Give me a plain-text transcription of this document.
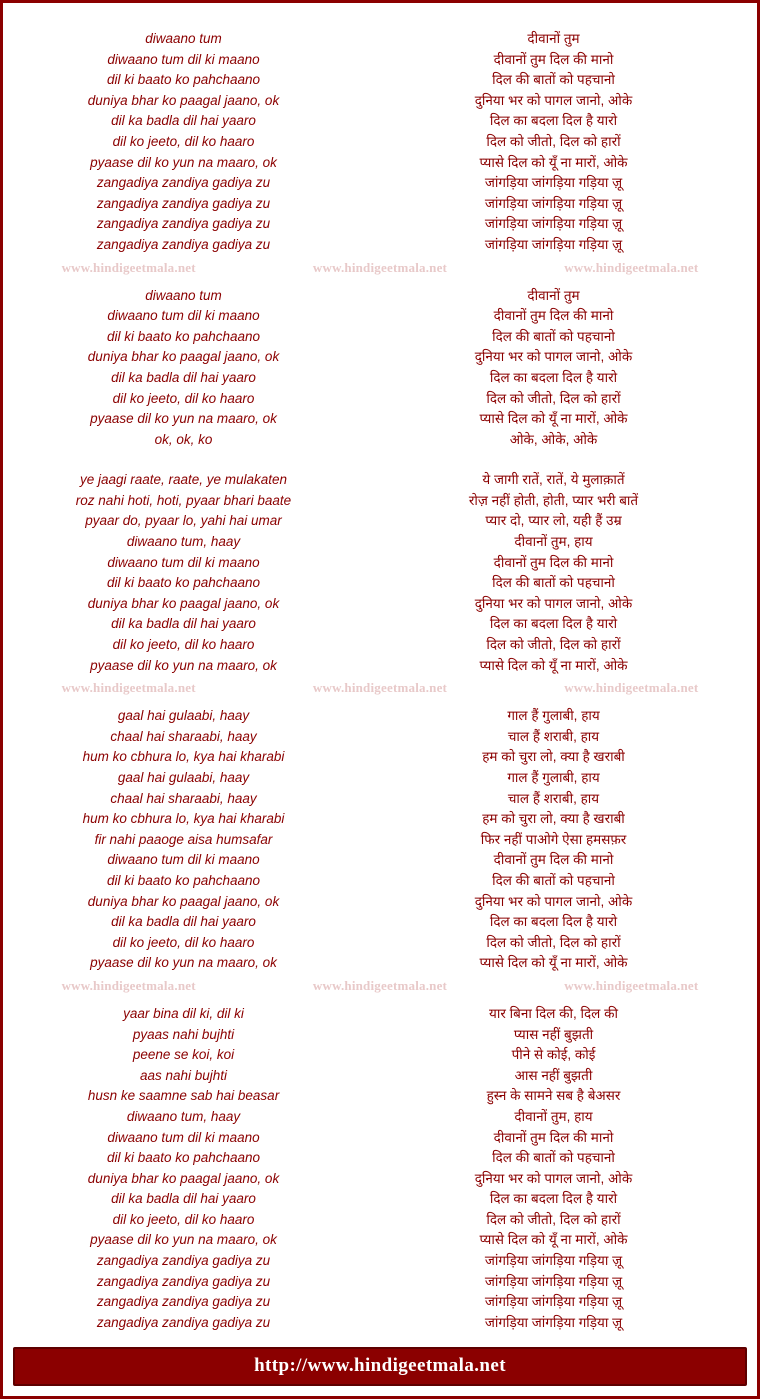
diwaano tum	दीवानों तुम
diwaano tum dil ki maano	दीवानों तुम दिल की मानो
dil ki baato ko pahchaano	दिल की बातों को पहचानो
duniya bhar ko paagal jaano, ok	दुनिया भर को पागल जानो, ओके
dil ka badla dil hai yaaro	दिल का बदला दिल है यारो
dil ko jeeto, dil ko haaro	दिल को जीतो, दिल को हारों
pyaase dil ko yun na maaro, ok	प्यासे दिल को यूँ ना मारों, ओके
zangadiya zandiya gadiya zu	जांगड़िया जांगड़िया गड़िया ज़ू
zangadiya zandiya gadiya zu	जांगड़िया जांगड़िया गड़िया ज़ू
zangadiya zandiya gadiya zu	जांगड़िया जांगड़िया गड़िया ज़ू
zangadiya zandiya gadiya zu	जांगड़िया जांगड़िया गड़िया ज़ू
www.hindigeetmala.net	www.hindigeetmala.net	www.hindigeetmala.net
diwaano tum	दीवानों तुम
diwaano tum dil ki maano	दीवानों तुम दिल की मानो
dil ki baato ko pahchaano	दिल की बातों को पहचानो
duniya bhar ko paagal jaano, ok	दुनिया भर को पागल जानो, ओके
dil ka badla dil hai yaaro	दिल का बदला दिल है यारो
dil ko jeeto, dil ko haaro	दिल को जीतो, दिल को हारों
pyaase dil ko yun na maaro, ok	प्यासे दिल को यूँ ना मारों, ओके
ok, ok, ko	ओके, ओके, ओके
ye jaagi raate, raate, ye mulakaten	ये जागी रातें, रातें, ये मुलाक़ातें
roz nahi hoti, hoti, pyaar bhari baate	रोज़ नहीं होती, होती, प्यार भरी बातें
pyaar do, pyaar lo, yahi hai umar	प्यार दो, प्यार लो, यही हैं उम्र
diwaano tum, haay	दीवानों तुम, हाय
diwaano tum dil ki maano	दीवानों तुम दिल की मानो
dil ki baato ko pahchaano	दिल की बातों को पहचानो
duniya bhar ko paagal jaano, ok	दुनिया भर को पागल जानो, ओके
dil ka badla dil hai yaaro	दिल का बदला दिल है यारो
dil ko jeeto, dil ko haaro	दिल को जीतो, दिल को हारों
pyaase dil ko yun na maaro, ok	प्यासे दिल को यूँ ना मारों, ओके
www.hindigeetmala.net	www.hindigeetmala.net	www.hindigeetmala.net
gaal hai gulaabi, haay	गाल हैं गुलाबी, हाय
chaal hai sharaabi, haay	चाल हैं शराबी, हाय
hum ko cbhura lo, kya hai kharabi	हम को चुरा लो, क्या है खराबी
gaal hai gulaabi, haay	गाल हैं गुलाबी, हाय
chaal hai sharaabi, haay	चाल हैं शराबी, हाय
hum ko cbhura lo, kya hai kharabi	हम को चुरा लो, क्या है खराबी
fir nahi paaoge aisa humsafar	फिर नहीं पाओगे ऐसा हमसफ़र
diwaano tum dil ki maano	दीवानों तुम दिल की मानो
dil ki baato ko pahchaano	दिल की बातों को पहचानो
duniya bhar ko paagal jaano, ok	दुनिया भर को पागल जानो, ओके
dil ka badla dil hai yaaro	दिल का बदला दिल है यारो
dil ko jeeto, dil ko haaro	दिल को जीतो, दिल को हारों
pyaase dil ko yun na maaro, ok	प्यासे दिल को यूँ ना मारों, ओके
www.hindigeetmala.net	www.hindigeetmala.net	www.hindigeetmala.net
yaar bina dil ki, dil ki	यार बिना दिल की, दिल की
pyaas nahi bujhti	प्यास नहीं बुझती
peene se koi, koi	पीने से कोई, कोई
aas nahi bujhti	आस नहीं बुझती
husn ke saamne sab hai beasar	हुस्न के सामने सब है बेअसर
diwaano tum, haay	दीवानों तुम, हाय
diwaano tum dil ki maano	दीवानों तुम दिल की मानो
dil ki baato ko pahchaano	दिल की बातों को पहचानो
duniya bhar ko paagal jaano, ok	दुनिया भर को पागल जानो, ओके
dil ka badla dil hai yaaro	दिल का बदला दिल है यारो
dil ko jeeto, dil ko haaro	दिल को जीतो, दिल को हारों
pyaase dil ko yun na maaro, ok	प्यासे दिल को यूँ ना मारों, ओके
zangadiya zandiya gadiya zu	जांगड़िया जांगड़िया गड़िया ज़ू
zangadiya zandiya gadiya zu	जांगड़िया जांगड़िया गड़िया ज़ू
zangadiya zandiya gadiya zu	जांगड़िया जांगड़िया गड़िया ज़ू
zangadiya zandiya gadiya zu	जांगड़िया जांगड़िया गड़िया ज़ू
http://www.hindigeetmala.net
